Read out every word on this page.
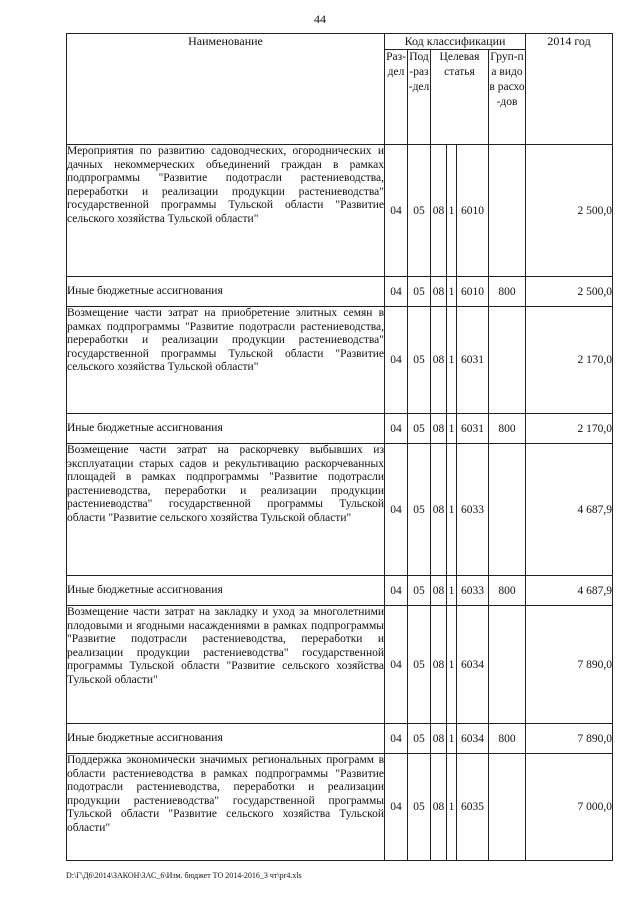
44
Наименование	Код классификации						2014 год
	Раз-дел	Под-раз-дел	Целевая статья			Груп-па видов расхо-дов	
Мероприятия по развитию садоводческих, огороднических и дачных некоммерческих объединений граждан в рамках подпрограммы "Развитие подотрасли растениеводства, переработки и реализации продукции растениеводства" государственной программы Тульской области "Развитие сельского хозяйства Тульской области"	04	05	08	1	6010		2 500,0
Иные бюджетные ассигнования	04	05	08	1	6010	800	2 500,0
Возмещение части затрат на приобретение элитных семян в рамках подпрограммы "Развитие подотрасли растениеводства, переработки и реализации продукции растениеводства" государственной программы Тульской области "Развитие сельского хозяйства Тульской области"	04	05	08	1	6031		2 170,0
Иные бюджетные ассигнования	04	05	08	1	6031	800	2 170,0
Возмещение части затрат на раскорчевку выбывших из эксплуатации старых садов и рекультивацию раскорчеванных площадей в рамках подпрограммы "Развитие подотрасли растениеводства, переработки и реализации продукции растениеводства" государственной программы Тульской области "Развитие сельского хозяйства Тульской области"	04	05	08	1	6033		4 687,9
Иные бюджетные ассигнования	04	05	08	1	6033	800	4 687,9
Возмещение части затрат на закладку и уход за многолетними плодовыми и ягодными насаждениями в рамках подпрограммы "Развитие подотрасли растениеводства, переработки и реализации продукции растениеводства" государственной программы Тульской области "Развитие сельского хозяйства Тульской области"	04	05	08	1	6034		7 890,0
Иные бюджетные ассигнования	04	05	08	1	6034	800	7 890,0
Поддержка экономически значимых региональных программ в области растениеводства в рамках подпрограммы "Развитие подотрасли растениеводства, переработки и реализации продукции растениеводства" государственной программы Тульской области "Развитие сельского хозяйства Тульской области"	04	05	08	1	6035		7 000,0
D:\Г\Д6\2014\ЗАКОН\ЗАС_6\Изм. бюджет ТО 2014-2016_3 чт\pr4.xls
